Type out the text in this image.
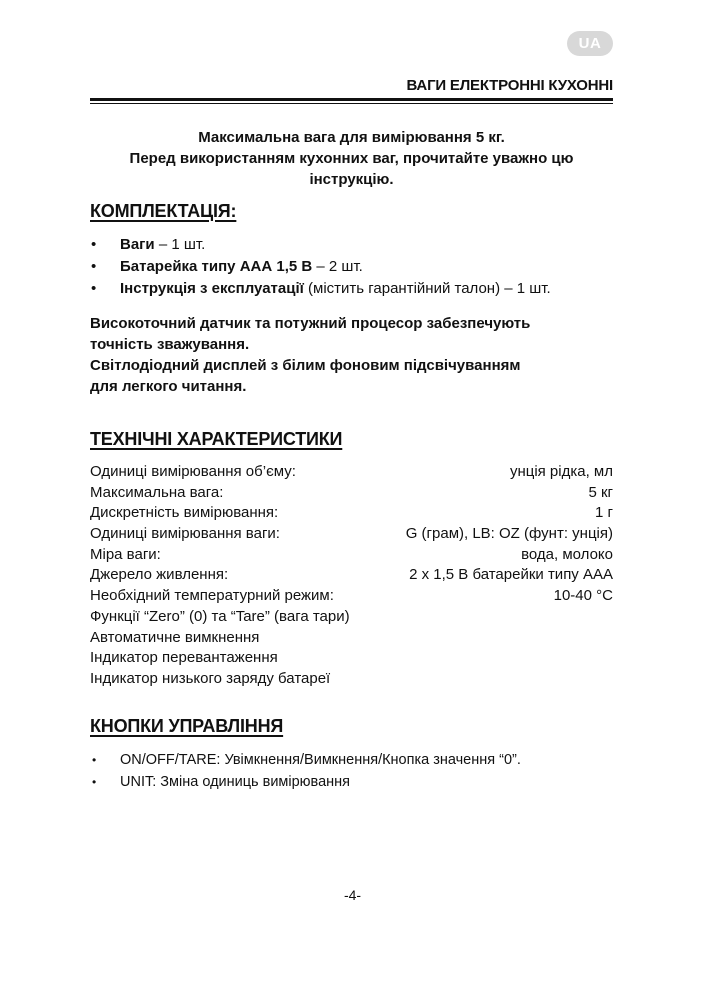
UA
ВАГИ ЕЛЕКТРОННІ КУХОННІ
Максимальна вага для вимірювання 5 кг.
Перед використанням кухонних ваг, прочитайте уважно цю
інструкцію.
КОМПЛЕКТАЦІЯ:
• Ваги – 1 шт.
• Батарейка типу ААА 1,5 В – 2 шт.
• Інструкція з експлуатації (містить гарантійний талон) – 1 шт.

Високоточний датчик та потужний процесор забезпечують

точність зважування.

Світлодіодний дисплей з білим фоновим підсвічуванням

для легкого читання.

ТЕХНІЧНІ ХАРАКТЕРИСТИКИ
Одиниці вимірювання об’єму:	унція рідка, мл
Максимальна вага:	5 кг
Дискретність вимірювання:	1 г
Одиниці вимірювання ваги:	G (грам), LB: OZ (фунт: унція)
Міра ваги:	вода, молоко
Джерело живлення:	2 х 1,5 В батарейки типу ААА
Необхідний температурний режим:	10-40 °C
Функції “Zero” (0) та “Tare” (вага тари)
Автоматичне вимкнення
Індикатор перевантаження
Індикатор низького заряду батареї
КНОПКИ УПРАВЛІННЯ
• ON/OFF/TARE: Увімкнення/Вимкнення/Кнопка значення “0”.
• UNIT: Зміна одиниць вимірювання
-4-
